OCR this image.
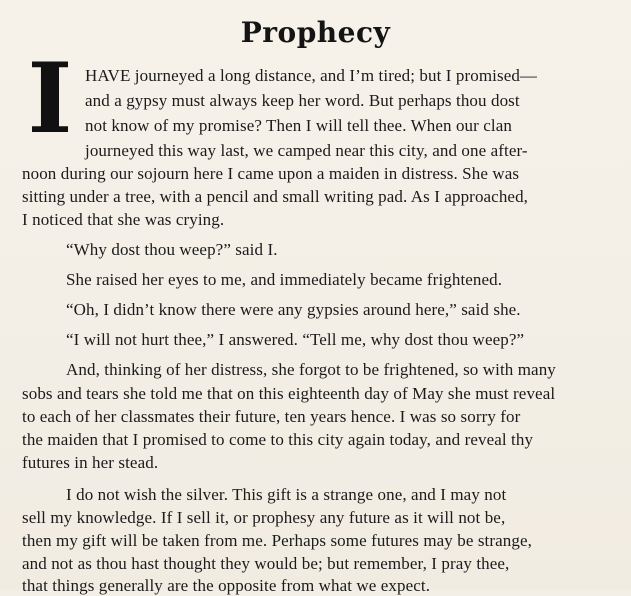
Prophecy
I HAVE journeyed a long distance, and I’m tired; but I promised—
and a gypsy must always keep her word. But perhaps thou dost
not know of my promise? Then I will tell thee. When our clan
journeyed this way last, we camped near this city, and one after-
noon during our sojourn here I came upon a maiden in distress. She was
sitting under a tree, with a pencil and small writing pad. As I approached,
I noticed that she was crying.
“Why dost thou weep?” said I.
She raised her eyes to me, and immediately became frightened.
“Oh, I didn’t know there were any gypsies around here,” said she.
“I will not hurt thee,” I answered. “Tell me, why dost thou weep?”
And, thinking of her distress, she forgot to be frightened, so with many
sobs and tears she told me that on this eighteenth day of May she must reveal
to each of her classmates their future, ten years hence. I was so sorry for
the maiden that I promised to come to this city again today, and reveal thy
futures in her stead.
I do not wish the silver. This gift is a strange one, and I may not
sell my knowledge. If I sell it, or prophesy any future as it will not be,
then my gift will be taken from me. Perhaps some futures may be strange,
and not as thou hast thought they would be; but remember, I pray thee,
that things generally are the opposite from what we expect.
